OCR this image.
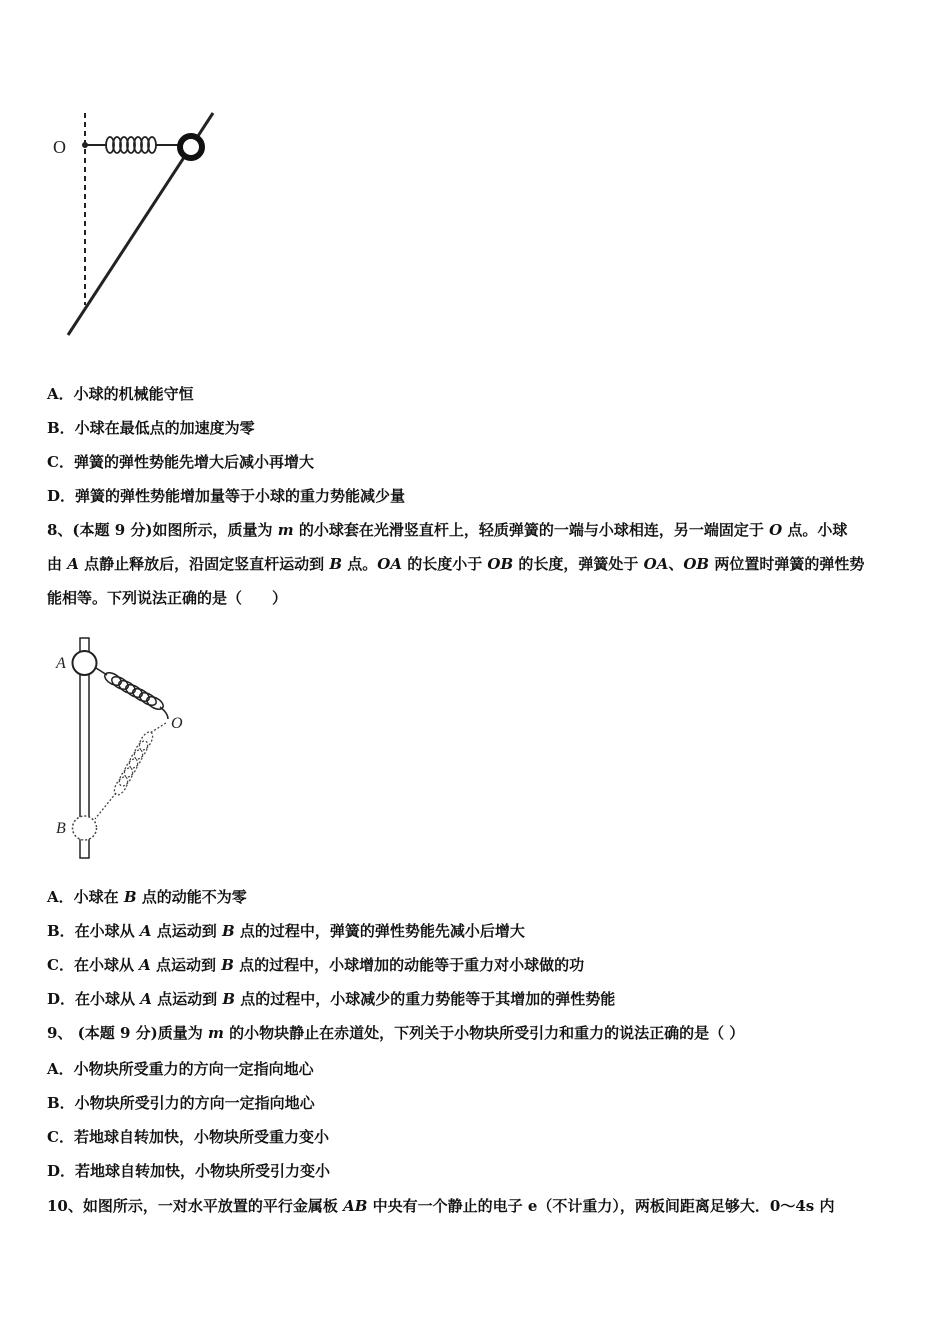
O
A．小球的机械能守恒
B．小球在最低点的加速度为零
C．弹簧的弹性势能先增大后减小再增大
D．弹簧的弹性势能增加量等于小球的重力势能减少量

8、(本题 9 分)如图所示，质量为 m 的小球套在光滑竖直杆上，轻质弹簧的一端与小球相连，另一端固定于 O 点。小球

由 A 点静止释放后，沿固定竖直杆运动到 B 点。OA 的长度小于 OB 的长度，弹簧处于 OA、OB 两位置时弹簧的弹性势

能相等。下列说法正确的是（　　）

A
O
B
A．小球在 B 点的动能不为零
B．在小球从 A 点运动到 B 点的过程中，弹簧的弹性势能先减小后增大
C．在小球从 A 点运动到 B 点的过程中，小球增加的动能等于重力对小球做的功
D．在小球从 A 点运动到 B 点的过程中，小球减少的重力势能等于其增加的弹性势能
9、 (本题 9 分)质量为 m 的小物块静止在赤道处，下列关于小物块所受引力和重力的说法正确的是（ ）
A．小物块所受重力的方向一定指向地心
B．小物块所受引力的方向一定指向地心
C．若地球自转加快，小物块所受重力变小
D．若地球自转加快，小物块所受引力变小
10、如图所示，一对水平放置的平行金属板 AB 中央有一个静止的电子 e（不计重力），两板间距离足够大．0～4s 内
